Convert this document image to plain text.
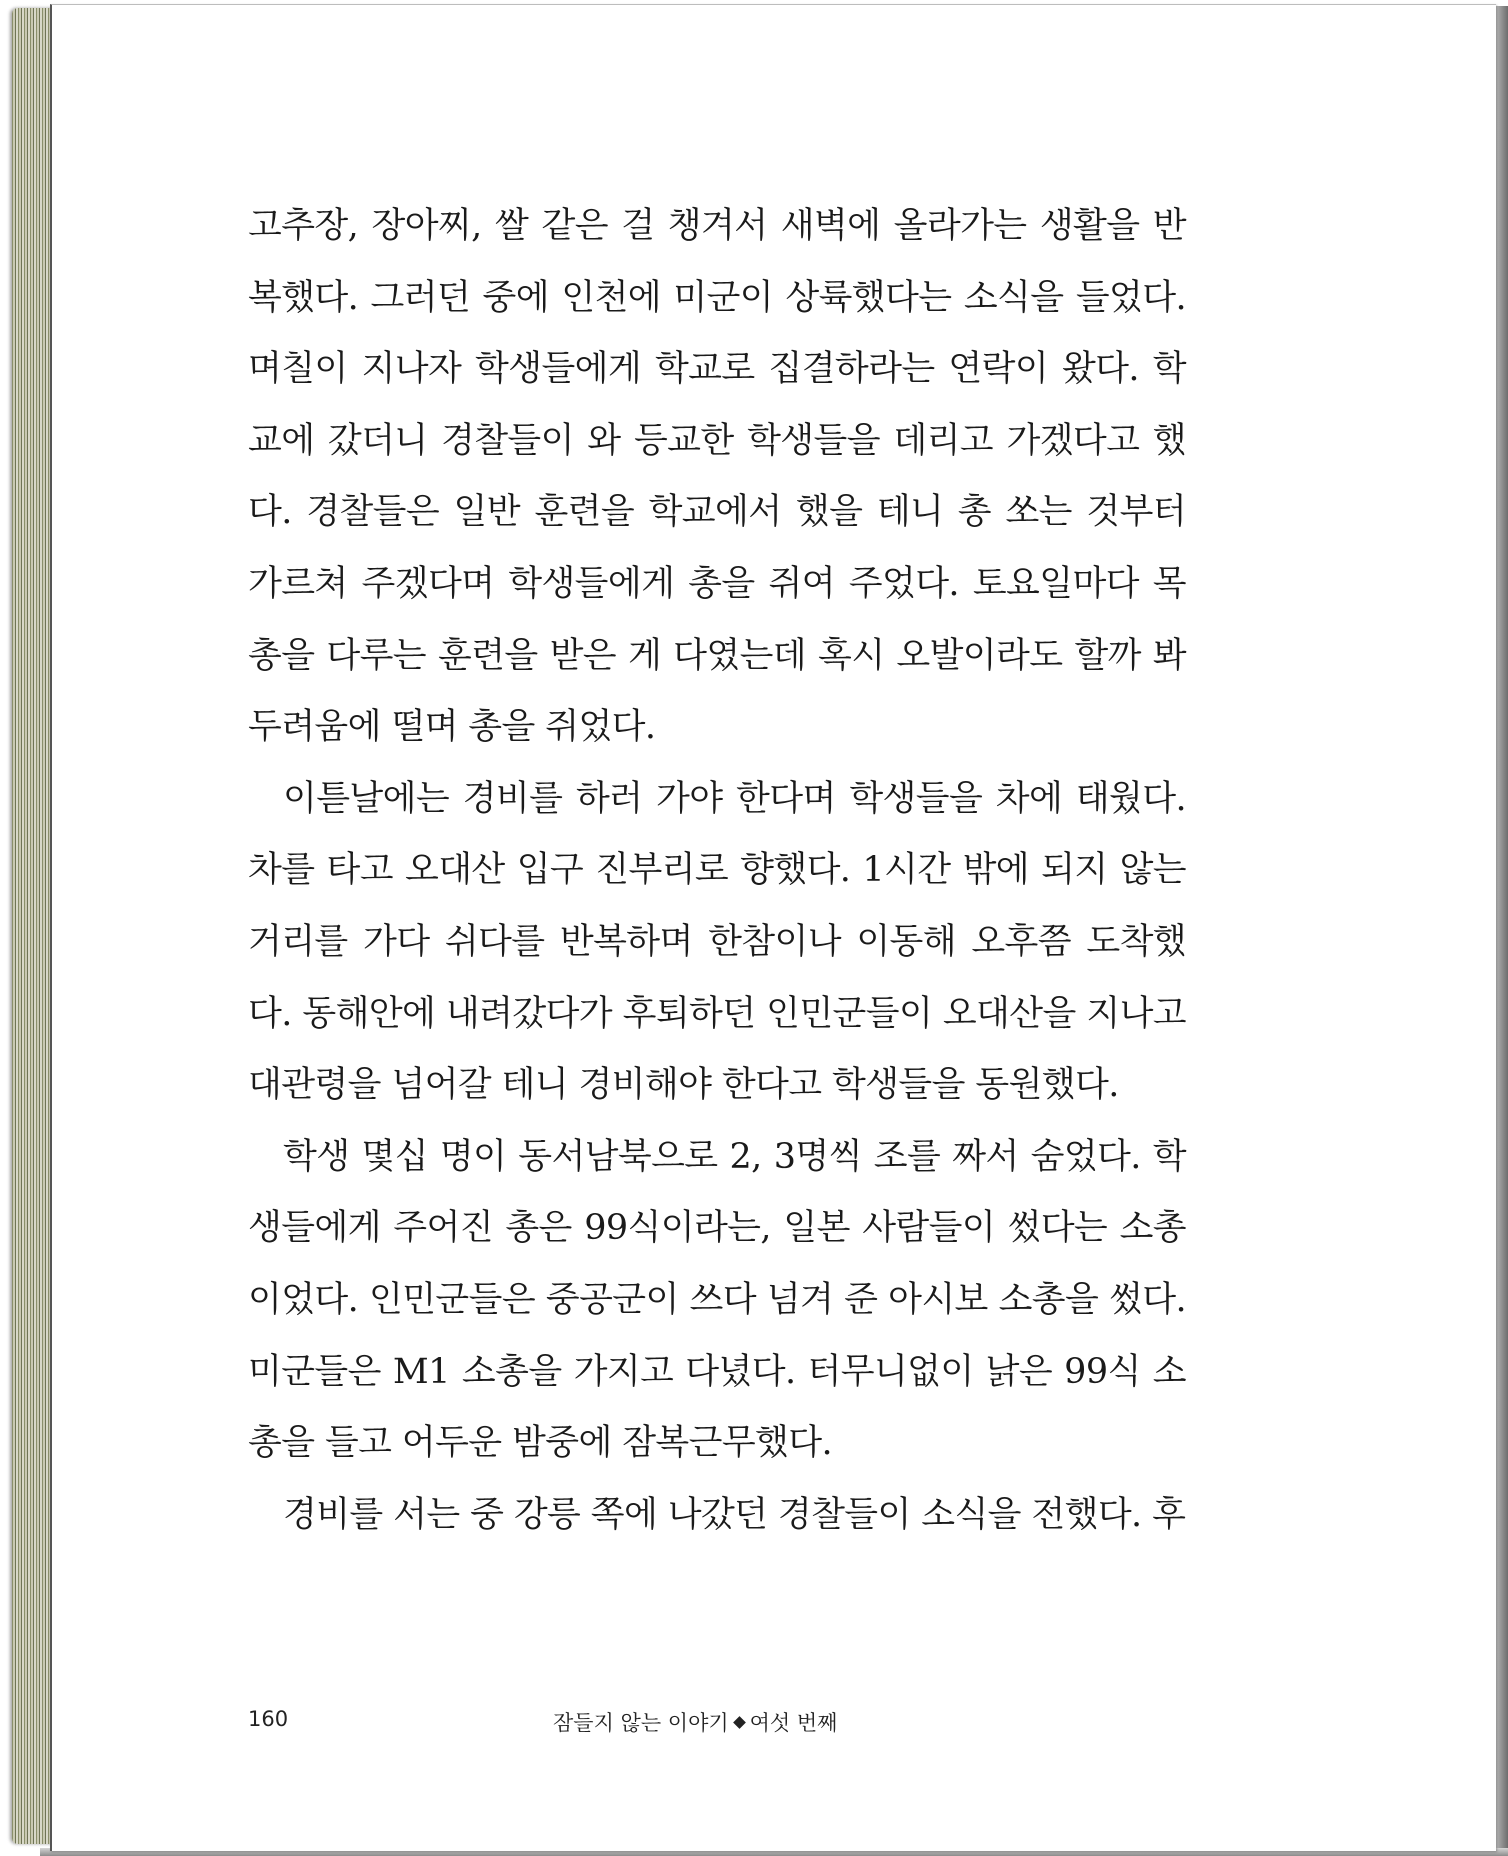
고추장, 장아찌, 쌀 같은 걸 챙겨서 새벽에 올라가는 생활을 반복했다. 그러던 중에 인천에 미군이 상륙했다는 소식을 들었다. 며칠이 지나자 학생들에게 학교로 집결하라는 연락이 왔다. 학교에 갔더니 경찰들이 와 등교한 학생들을 데리고 가겠다고 했다. 경찰들은 일반 훈련을 학교에서 했을 테니 총 쏘는 것부터 가르쳐 주겠다며 학생들에게 총을 쥐여 주었다. 토요일마다 목총을 다루는 훈련을 받은 게 다였는데 혹시 오발이라도 할까 봐 두려움에 떨며 총을 쥐었다.

이튿날에는 경비를 하러 가야 한다며 학생들을 차에 태웠다. 차를 타고 오대산 입구 진부리로 향했다. 1시간 밖에 되지 않는 거리를 가다 쉬다를 반복하며 한참이나 이동해 오후쯤 도착했다. 동해안에 내려갔다가 후퇴하던 인민군들이 오대산을 지나고 대관령을 넘어갈 테니 경비해야 한다고 학생들을 동원했다.

학생 몇십 명이 동서남북으로 2, 3명씩 조를 짜서 숨었다. 학생들에게 주어진 총은 99식이라는, 일본 사람들이 썼다는 소총이었다. 인민군들은 중공군이 쓰다 넘겨 준 아시보 소총을 썼다. 미군들은 M1 소총을 가지고 다녔다. 터무니없이 낡은 99식 소총을 들고 어두운 밤중에 잠복근무했다.

경비를 서는 중 강릉 쪽에 나갔던 경찰들이 소식을 전했다. 후

160	잠들지 않는 이야기 여섯 번째
